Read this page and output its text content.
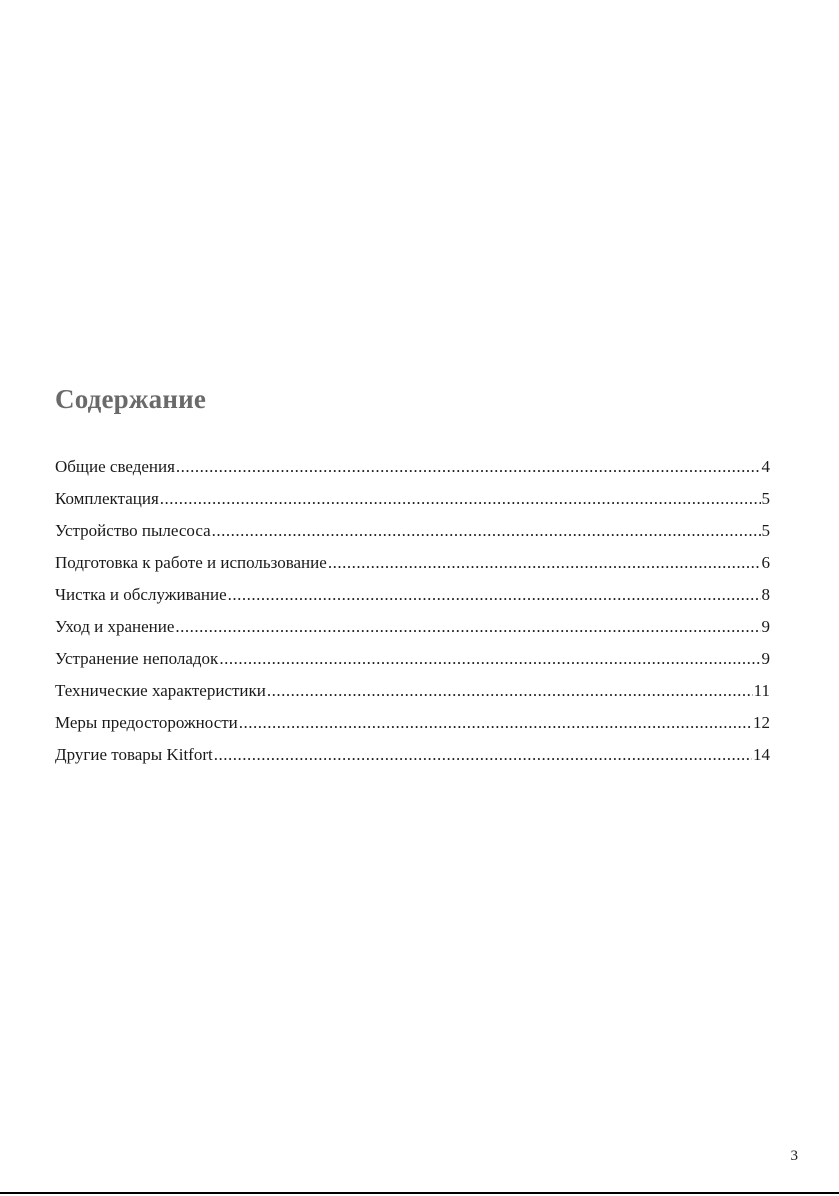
Содержание
Общие сведения .....	4
Комплектация .....	5
Устройство пылесоса .....	5
Подготовка к работе и использование .....	6
Чистка и обслуживание .....	8
Уход и хранение .....	9
Устранение неполадок .....	9
Технические характеристики .....	11
Меры предосторожности .....	12
Другие товары Kitfort .....	14
3
